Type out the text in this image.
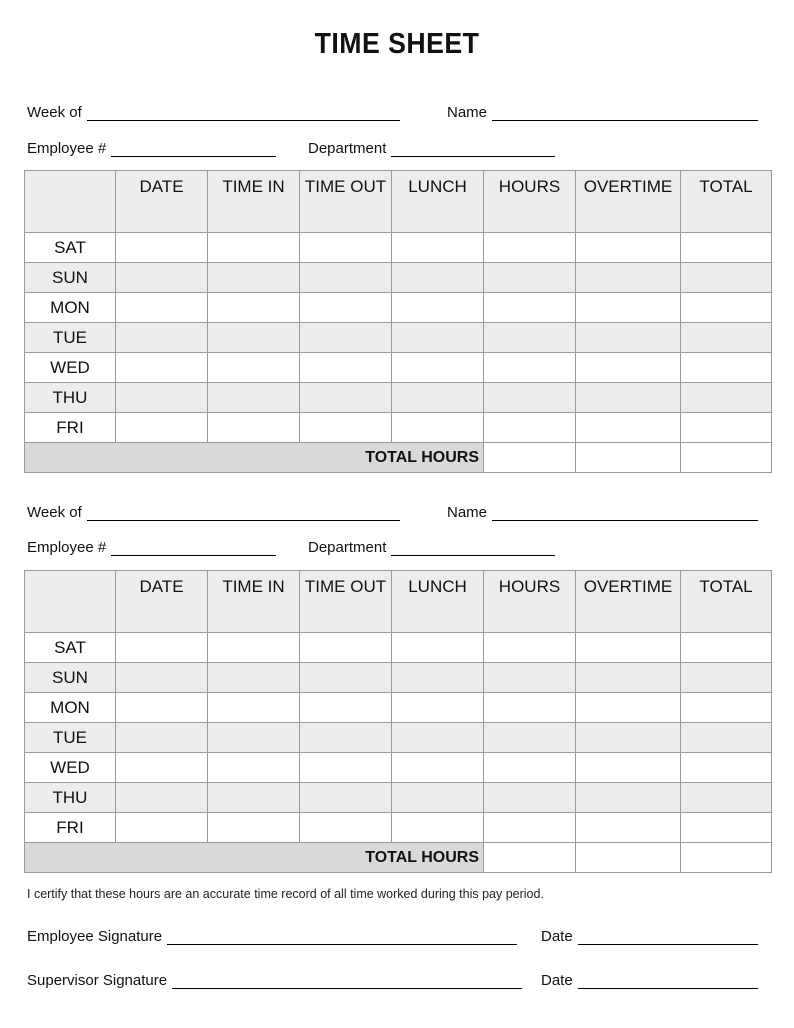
TIME SHEET
Week of	Name
Employee #	Department
	DATE	TIME IN	TIME OUT	LUNCH	HOURS	OVERTIME	TOTAL
SAT							
SUN							
MON							
TUE							
WED							
THU							
FRI							
TOTAL HOURS							
Week of	Name
Employee #	Department
	DATE	TIME IN	TIME OUT	LUNCH	HOURS	OVERTIME	TOTAL
SAT							
SUN							
MON							
TUE							
WED							
THU							
FRI							
TOTAL HOURS							
I certify that these hours are an accurate time record of all time worked during this pay period.
Employee Signature	Date
Supervisor Signature	Date
